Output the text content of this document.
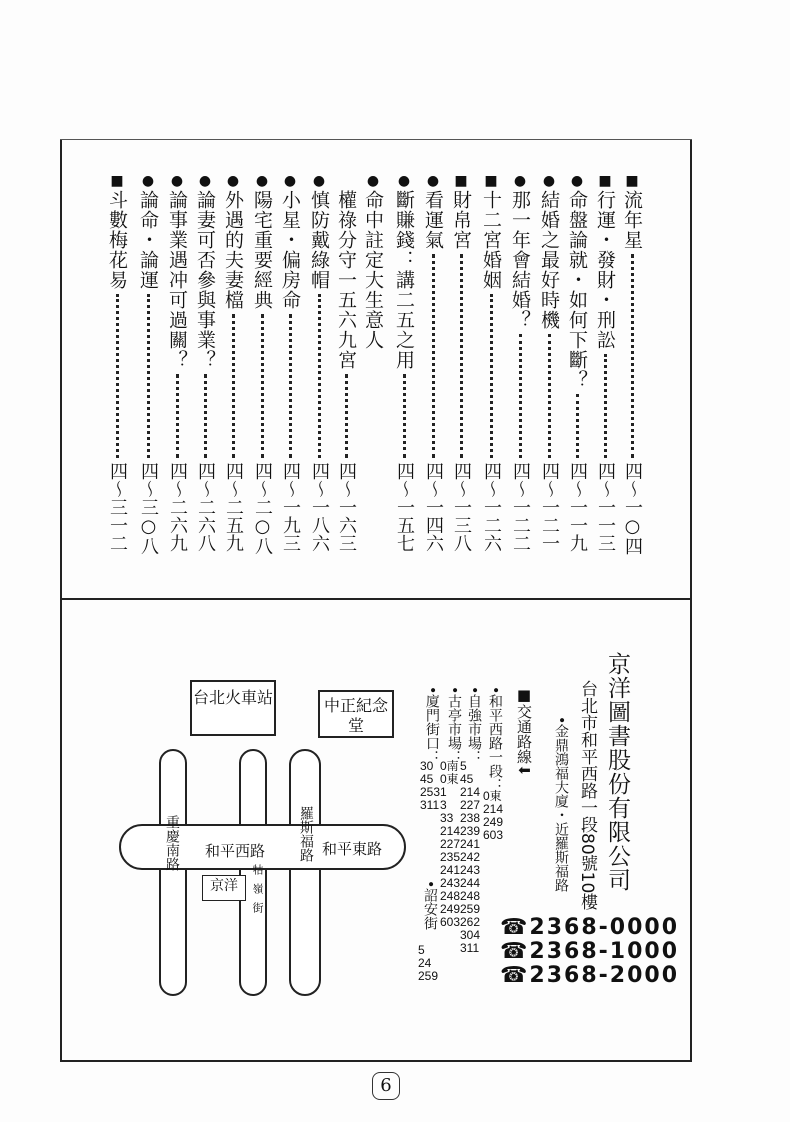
■
流年星
四～一○四
■
行運・發財・刑訟
四～一一三
●
命盤論就・如何下斷？
四～一一九
●
結婚之最好時機
四～一二一
●
那一年會結婚？
四～一二二
■
十二宮婚姻
四～一二六
■
財帛宮
四～一三八
●
看運氣
四～一四六
●
斷賺錢：講二五之用
四～一五七
●
命中註定大生意人
權祿分守一五六九宮
四～一六三
●
慎防戴綠帽
四～一八六
●
小星・偏房命
四～一九三
●
陽宅重要經典
四～二○八
●
外遇的夫妻檔
四～二五九
●
論妻可否參與事業？
四～二六八
●
論事業遇冲可過關？
四～二六九
●
論命・論運
四～三○八
■
斗數梅花易
四～三一二
京洋圖書股份有限公司
台北市和平西路一段80號10樓
•金鼎鴻福大廈・近羅斯福路
☎2368-0000
☎2368-1000
☎2368-2000
■交通路線⬇
•和平西路一段：
0東
214
249
603
•自強市場：
5
45
214
227
238
239
241
242
243
244
248
259
262
304
311
•古亭市場：
0南
0東
1
3
33
214
227
235
241
243
248
249
603
•廈門街口：
30
45
253
311
•詔安街
5
24
259
台北火車站	中正紀念堂
重慶南路 和平西路 羅斯福路 和平東路
京洋	牯嶺街
6
